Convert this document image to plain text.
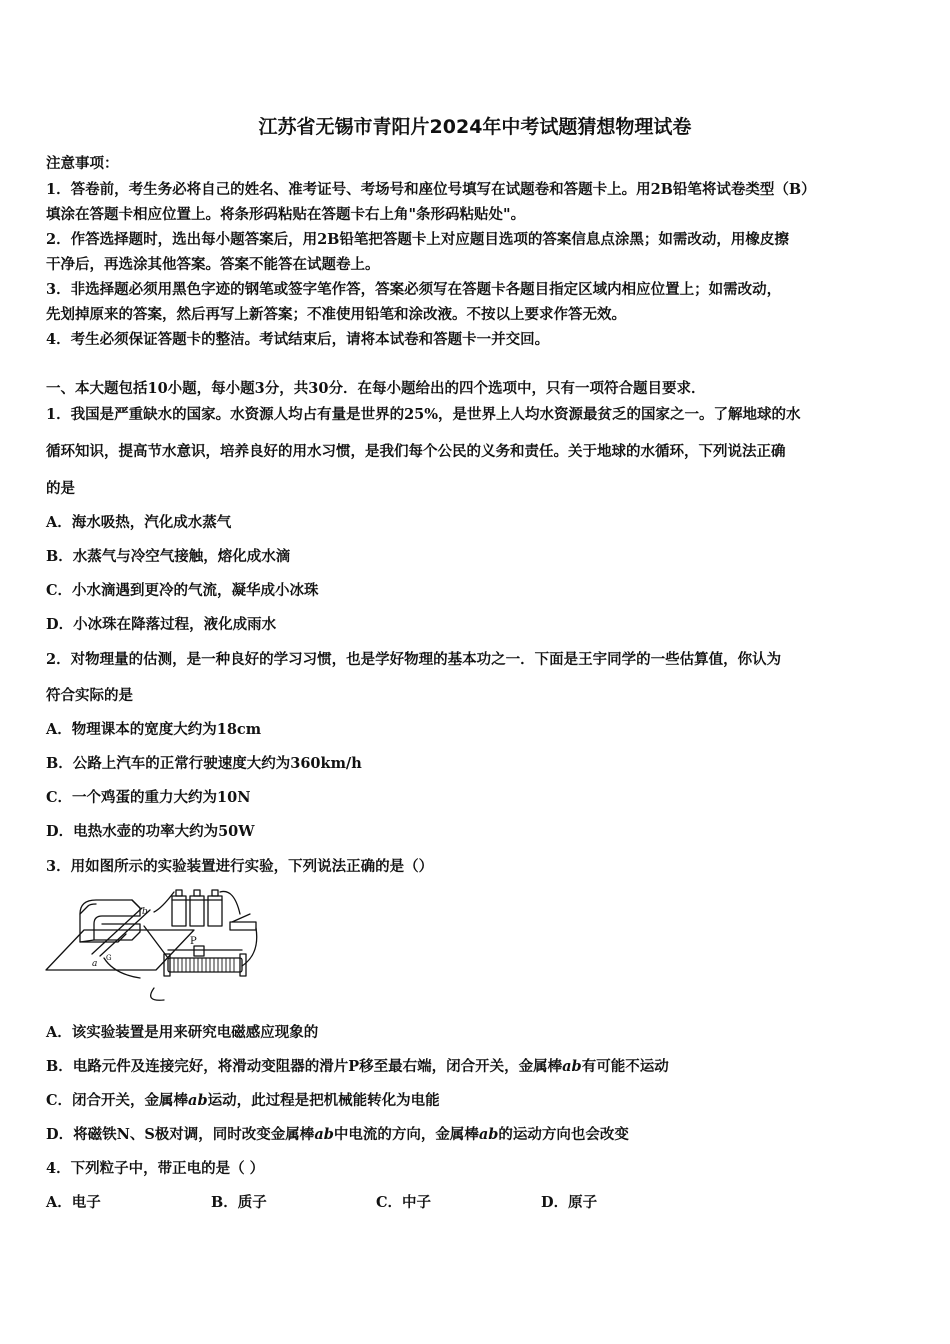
江苏省无锡市青阳片2024年中考试题猜想物理试卷
注意事项：
1．答卷前，考生务必将自己的姓名、准考证号、考场号和座位号填写在试题卷和答题卡上。用2B铅笔将试卷类型（B）
填涂在答题卡相应位置上。将条形码粘贴在答题卡右上角"条形码粘贴处"。
2．作答选择题时，选出每小题答案后，用2B铅笔把答题卡上对应题目选项的答案信息点涂黑；如需改动，用橡皮擦
干净后，再选涂其他答案。答案不能答在试题卷上。
3．非选择题必须用黑色字迹的钢笔或签字笔作答，答案必须写在答题卡各题目指定区域内相应位置上；如需改动，
先划掉原来的答案，然后再写上新答案；不准使用铅笔和涂改液。不按以上要求作答无效。
4．考生必须保证答题卡的整洁。考试结束后，请将本试卷和答题卡一并交回。
一、本大题包括10小题，每小题3分，共30分．在每小题给出的四个选项中，只有一项符合题目要求．
1．我国是严重缺水的国家。水资源人均占有量是世界的25%，是世界上人均水资源最贫乏的国家之一。了解地球的水
循环知识，提高节水意识，培养良好的用水习惯，是我们每个公民的义务和责任。关于地球的水循环，下列说法正确
的是
A．海水吸热，汽化成水蒸气
B．水蒸气与冷空气接触，熔化成水滴
C．小水滴遇到更冷的气流，凝华成小冰珠
D．小冰珠在降落过程，液化成雨水
2．对物理量的估测，是一种良好的学习习惯，也是学好物理的基本功之一．下面是王宇同学的一些估算值，你认为
符合实际的是
A．物理课本的宽度大约为18cm
B．公路上汽车的正常行驶速度大约为360km/h
C．一个鸡蛋的重力大约为10N
D．电热水壶的功率大约为50W
3．用如图所示的实验装置进行实验，下列说法正确的是（）
b
a
G
P
A．该实验装置是用来研究电磁感应现象的
B．电路元件及连接完好，将滑动变阻器的滑片P移至最右端，闭合开关，金属棒ab有可能不运动
C．闭合开关，金属棒ab运动，此过程是把机械能转化为电能
D．将磁铁N、S极对调，同时改变金属棒ab中电流的方向，金属棒ab的运动方向也会改变
4．下列粒子中，带正电的是（ ）
A．电子	B．质子	C．中子	D．原子
